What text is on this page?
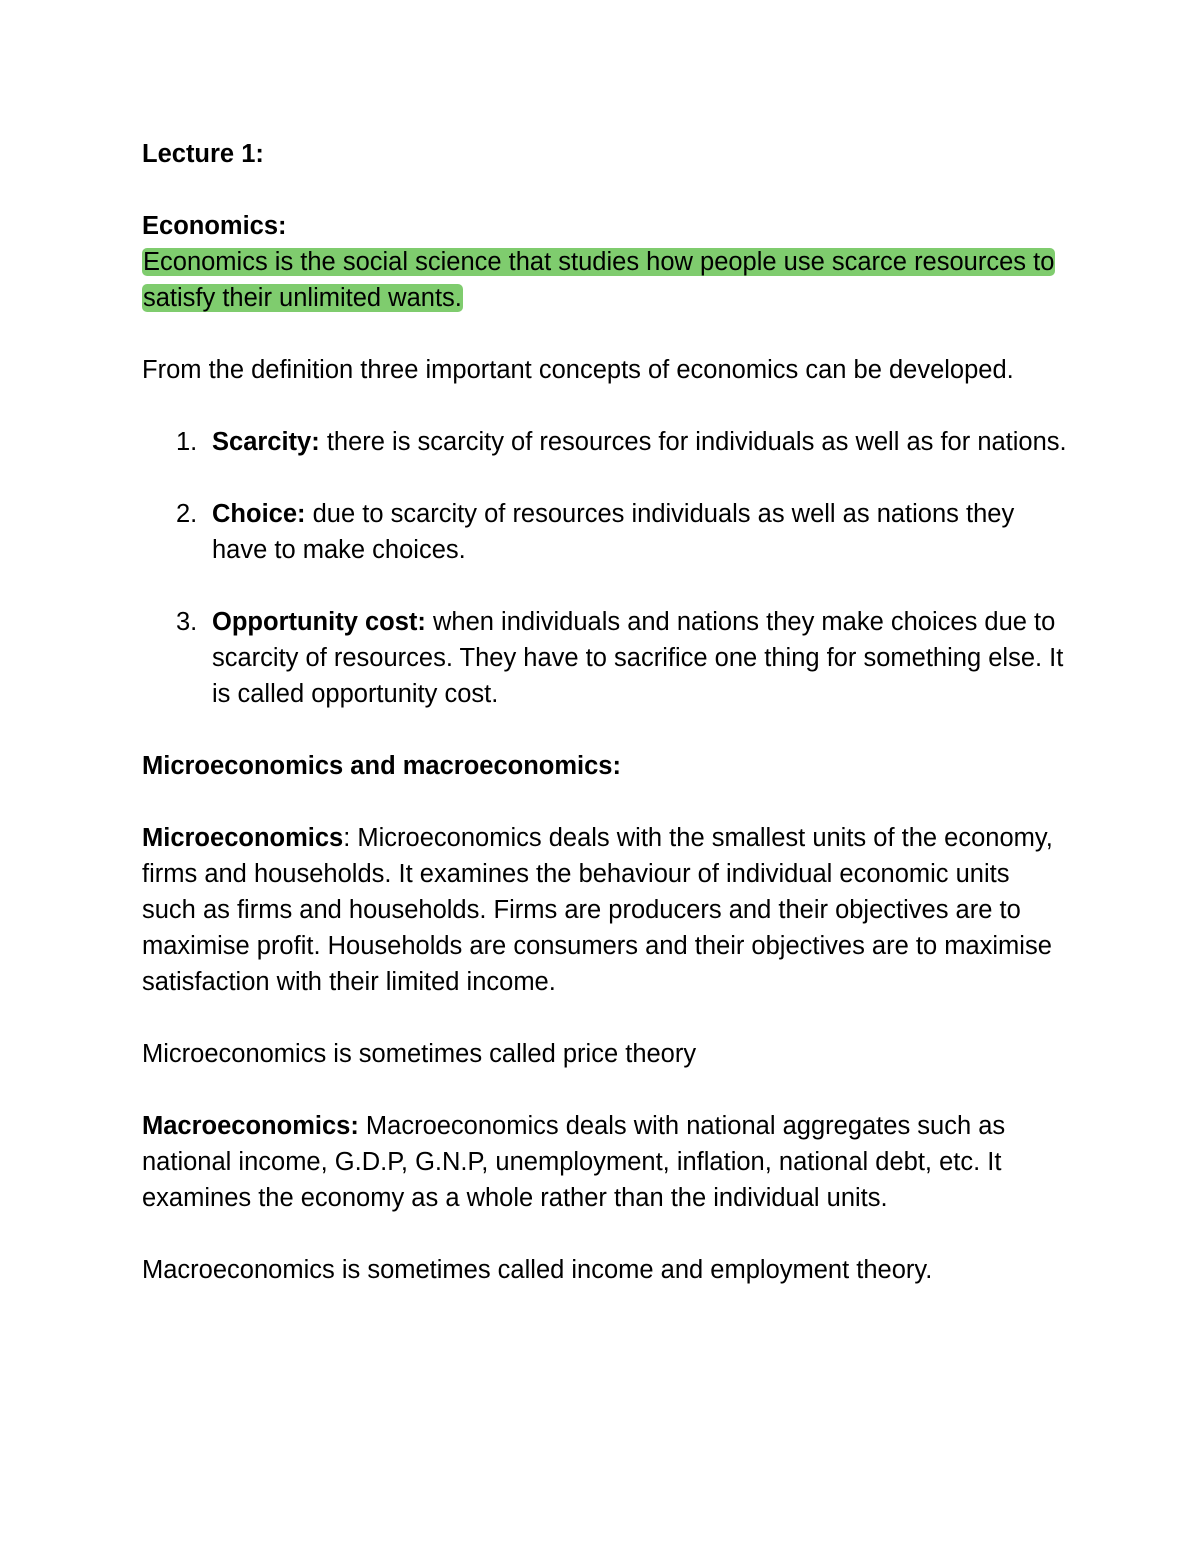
Lecture 1:

Economics:

Economics is the social science that studies how people use scarce resources to satisfy their unlimited wants.

From the definition three important concepts of economics can be developed.

1. Scarcity: there is scarcity of resources for individuals as well as for nations.
2. Choice: due to scarcity of resources individuals as well as nations they have to make choices.
3. Opportunity cost: when individuals and nations they make choices due to scarcity of resources. They have to sacrifice one thing for something else. It is called opportunity cost.

Microeconomics and macroeconomics:

Microeconomics: Microeconomics deals with the smallest units of the economy, firms and households. It examines the behaviour of individual economic units such as firms and households. Firms are producers and their objectives are to maximise profit. Households are consumers and their objectives are to maximise satisfaction with their limited income.

Microeconomics is sometimes called price theory

Macroeconomics: Macroeconomics deals with national aggregates such as national income, G.D.P, G.N.P, unemployment, inflation, national debt, etc. It examines the economy as a whole rather than the individual units.

Macroeconomics is sometimes called income and employment theory.
